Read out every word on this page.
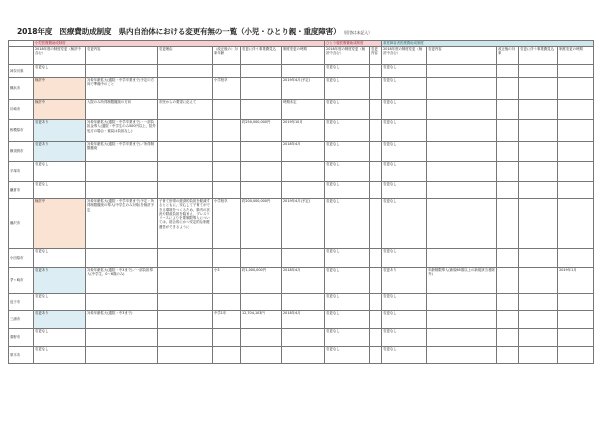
2018年度　医療費助成制度　県内自治体における変更有無の一覧（小児・ひとり親・重度障害） （回答は未記入）
	小児医療費助成制度						ひとり親医療費助成制度		重度障害者医療費助成制度				
	2018年度の制度変更（検討中含む）	変更内容	変更理由	（改正後の）対象年齢	変更に伴う事業費見込	制度変更の時期	2018年度の制度変更（検討中含む）	変更内容	2018年度の制度変更（検討中含む）	変更内容	改正後の対象	変更に伴う事業費見込	制度変更の時期
神奈川県	変更なし						変更なし		変更なし				
横浜市	検討中	対象年齢拡大(通院・中学卒業まで)予定の方向で準備中のこと		小学校卒		2019年4月(予定)	変更なし		変更なし				
川崎市	検討中	入院のみ所得制限撤廃の方向	市民からの要望に応えて			時期未定	変更なし		変更なし				
相模原市	変更あり	対象年齢拡大(通院・中学卒業まで)・一部負担金導入(通院・中学生のみ500円以上、院外処方の場合・薬局は負担なし)			約250,000,000円	2019年10月	変更なし		変更なし				
横須賀市	変更あり	対象年齢拡大(通院・中学卒業まで)／所得制限撤廃				2018年4月	変更なし		変更なし				
平塚市	変更なし						変更なし		変更なし				
鎌倉市	変更なし						変更なし		変更なし				
藤沢市	検討中	対象年齢拡大(通院・中学卒業まで)予定・所得制限撤廃の導入(中学生のみ対象)を検討予定	子育て世帯の経済的負担を軽減するとともに、安心して子育てができる環境をつくるため、県内の状況や財政負担を踏まえ、プレスリリースによりを要制限導入については、総合的にかつ安定的な制度運営ができるように	小学校卒	約200,000,000円	2019年4月(予定)	変更なし		変更なし				
小田原市	変更なし						変更なし		変更なし				
茅ヶ崎市	変更あり	対象年齢拡大(通院・中3まで)／一部負担導入(中学生、0～6歳のみ)		小3	約1,000,000円	2018年4月	変更なし		変更あり	年齢制限導入(新規65歳以上の新規該当者除外)			2019年1月
逗子市	変更なし						変更なし		変更なし				
三浦市	変更あり	対象年齢拡大(通院・中3まで)		中学1年	12,704,103円	2018年4月	変更なし		変更なし				
秦野市	変更なし						変更なし		変更なし				
厚木市	変更なし						変更なし		変更なし				
